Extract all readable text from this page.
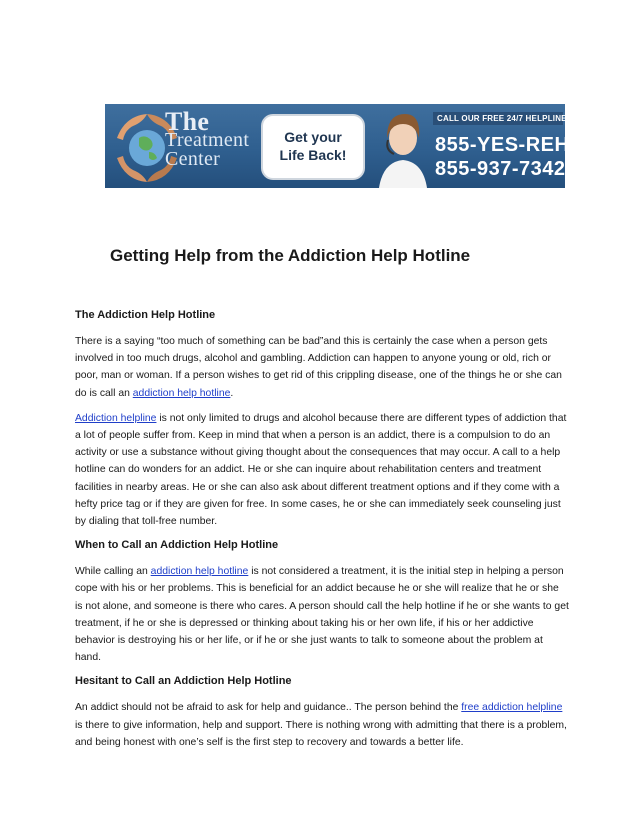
The
Treatment
Center
Get your
Life Back!
CALL OUR FREE 24/7 HELPLINE NOW
855-YES-REHAB
855-937-7342
Getting Help from the Addiction Help Hotline
The Addiction Help Hotline

There is a saying “too much of something can be bad”and this is certainly the case when a person gets involved in too much drugs, alcohol and gambling. Addiction can happen to anyone young or old, rich or poor, man or woman. If a person wishes to get rid of this crippling disease, one of the things he or she can do is call an addiction help hotline.

Addiction helpline is not only limited to drugs and alcohol because there are different types of addiction that a lot of people suffer from. Keep in mind that when a person is an addict, there is a compulsion to do an activity or use a substance without giving thought about the consequences that may occur. A call to a help hotline can do wonders for an addict. He or she can inquire about rehabilitation centers and treatment facilities in nearby areas. He or she can also ask about different treatment options and if they come with a hefty price tag or if they are given for free. In some cases, he or she can immediately seek counseling just by dialing that toll-free number.

When to Call an Addiction Help Hotline

While calling an addiction help hotline is not considered a treatment, it is the initial step in helping a person cope with his or her problems. This is beneficial for an addict because he or she will realize that he or she is not alone, and someone is there who cares. A person should call the help hotline if he or she wants to get treatment, if he or she is depressed or thinking about taking his or her own life, if his or her addictive behavior is destroying his or her life, or if he or she just wants to talk to someone about the problem at hand.

Hesitant to Call an Addiction Help Hotline

An addict should not be afraid to ask for help and guidance.. The person behind the free addiction helpline is there to give information, help and support. There is nothing wrong with admitting that there is a problem, and being honest with one’s self is the first step to recovery and towards a better life.
